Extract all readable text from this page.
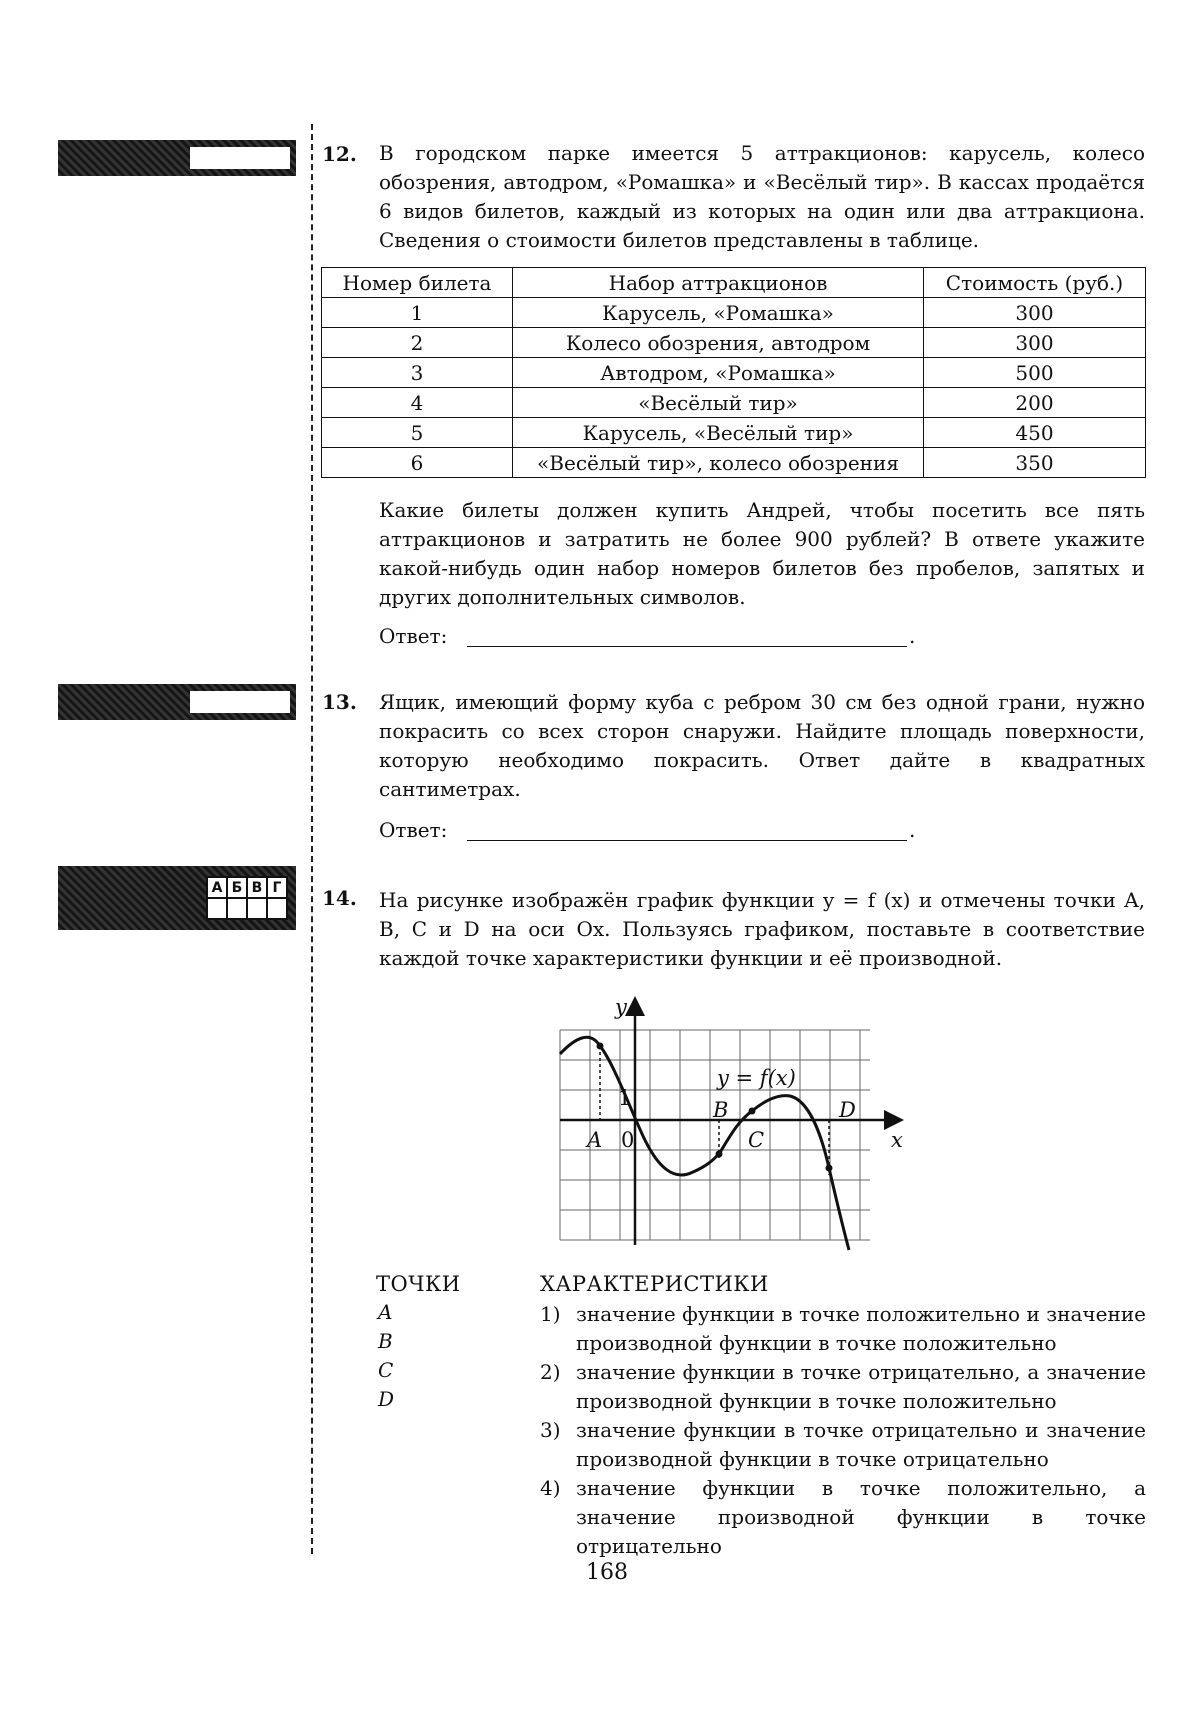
12. В городском парке имеется 5 аттракционов: карусель, колесо обозрения, автодром, «Ромашка» и «Весёлый тир». В кассах продаётся 6 видов билетов, каждый из которых на один или два аттракциона. Сведения о стоимости билетов представлены в таблице.
Номер билета	Набор аттракционов	Стоимость (руб.)
1	Карусель, «Ромашка»	300
2	Колесо обозрения, автодром	300
3	Автодром, «Ромашка»	500
4	«Весёлый тир»	200
5	Карусель, «Весёлый тир»	450
6	«Весёлый тир», колесо обозрения	350
Какие билеты должен купить Андрей, чтобы посетить все пять аттракционов и затратить не более 900 рублей? В ответе укажите какой-нибудь один набор номеров билетов без пробелов, запятых и других дополнительных символов.
Ответ:	.
13. Ящик, имеющий форму куба с ребром 30 см без одной грани, нужно покрасить со всех сторон снаружи. Найдите площадь поверхности, которую необходимо покрасить. Ответ дайте в квадратных сантиметрах.
Ответ:	.
А	Б	В	Г
			14. На рисунке изображён график функции y = f (x) и отмечены точки A, B, C и D на оси Ox. Пользуясь графиком, поставьте в соответствие каждой точке характеристики функции и её производной.
y
x
y = f(x)
1
0
A
B
C
D
ТОЧКИ
A
B
C
D
ХАРАКТЕРИСТИКИ
1) значение функции в точке положительно и значение производной функции в точке положительно
2) значение функции в точке отрицательно, а значение производной функции в точке положительно
3) значение функции в точке отрицательно и значение производной функции в точке отрицательно
4) значение функции в точке положительно, а значение производной функции в точке отрицательно
168
